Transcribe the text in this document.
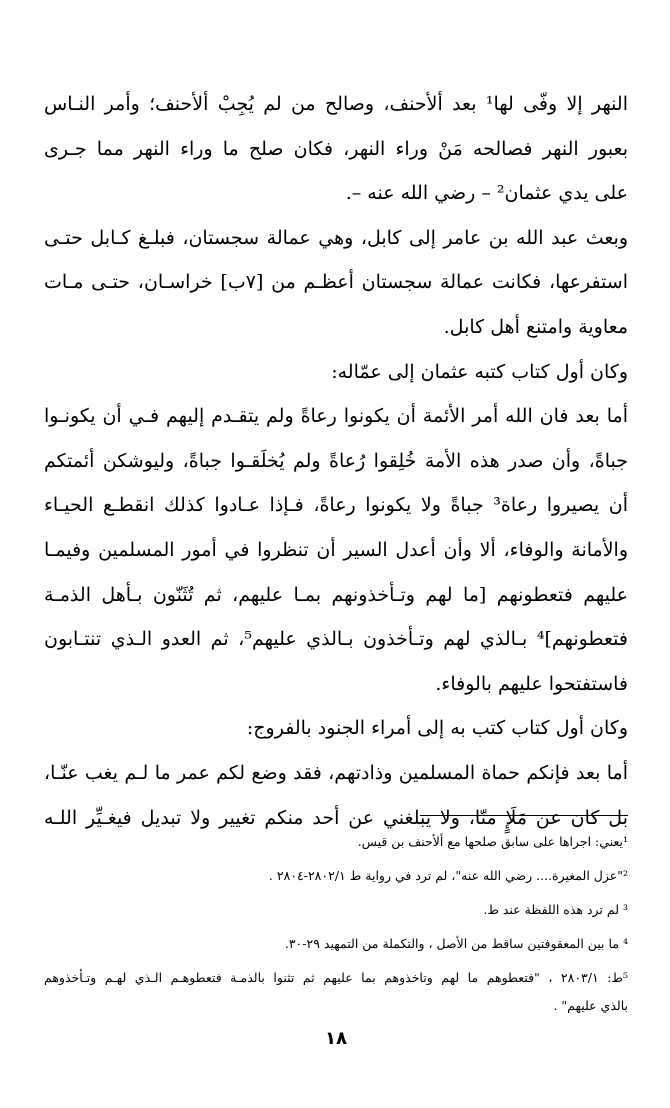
النهر إلا وفّى لها¹ بعد ألأحنف، وصالح من لم يُجِبْ ألأحنف؛ وأمر النـاس
بعبور النهر فصالحه مَنْ وراء النهر، فكان صلح ما وراء النهر مما جـرى
على يدي عثمان² – رضي الله عنه –.
وبعث عبد الله بن عامر إلى كابل، وهي عمالة سجستان، فبلـغ كـابل حتـى
استفرعها، فكانت عمالة سجستان أعظـم من [٧ب] خراسـان، حتـى مـات
معاوية وامتنع أهل كابل.
وكان أول كتاب كتبه عثمان إلى عمّاله:
أما بعد فان الله أمر الأئمة أن يكونوا رعاةً ولم يتقـدم إليهم فـي أن يكونـوا
جباةً، وأن صدر هذه الأمة خُلِقوا رُعاةً ولم يُخلَقـوا جباةً، وليوشكن أئمتكم
أن يصيروا رعاة³ جباةً ولا يكونوا رعاةً، فـإذا عـادوا كذلك انقطـع الحيـاء
والأمانة والوفاء، ألا وأن أعدل السير أن تنظروا في أمور المسلمين وفيمـا
عليهم فتعطونهم [ما لهم وتـأخذونهم بمـا عليهم، ثم تُثَنّون بـأهل الذمـة
فتعطونهم]⁴ بـالذي لهم وتـأخذون بـالذي عليهم⁵، ثم العدو الـذي تنتـابون
فاستفتحوا عليهم بالوفاء.
وكان أول كتاب كتب به إلى أمراء الجنود بالفروج:
أما بعد فإنكم حماة المسلمين وذادتهم، فقد وضع لكم عمر ما لـم يغب عنّـا،
بل كان عن مَلَإٍ منّا، ولا يبلغني عن أحد منكم تغيير ولا تبديل فيغـيِّر اللـه
¹يعني: اجراها على سابق صلحها مع ألأحنف بن قيس.
²"عزل المغيرة.... رضي الله عنه"، لم ترد في رواية ط ٢٨٠٢/١-٢٨٠٤ .
³ لم ترد هذه اللفظة عند ط.
⁴ ما بين المعقوفتين ساقط من الأصل ، والتكملة من التمهيد ٢٩-٣٠.
⁵ط: ٢٨٠٣/١ ، "فتعطوهم ما لهم وتاخذوهم بما عليهم ثم تثنوا بالذمـة فتعطوهـم الـذي لهـم وتـأخذوهم
بالذي عليهم" .
١٨
